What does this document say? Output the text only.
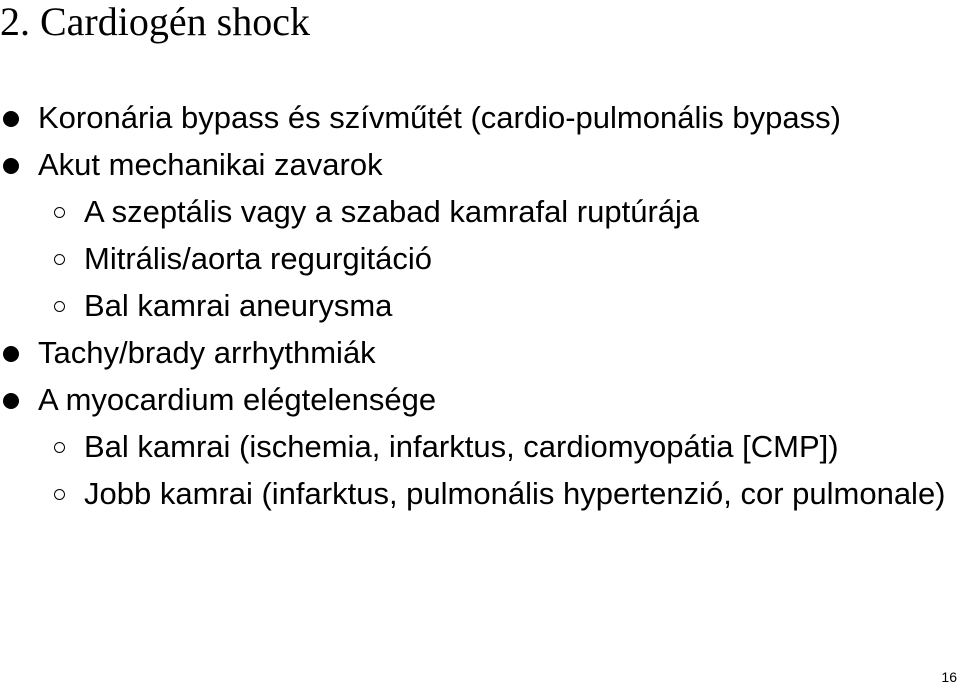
2. Cardiogén shock
Koronária bypass és szívműtét (cardio-pulmonális bypass)
Akut mechanikai zavarok
A szeptális vagy a szabad kamrafal ruptúrája
Mitrális/aorta regurgitáció
Bal kamrai aneurysma
Tachy/brady arrhythmiák
A myocardium elégtelensége
Bal kamrai (ischemia, infarktus, cardiomyopátia [CMP])
Jobb kamrai (infarktus, pulmonális hypertenzió, cor pulmonale)
16
